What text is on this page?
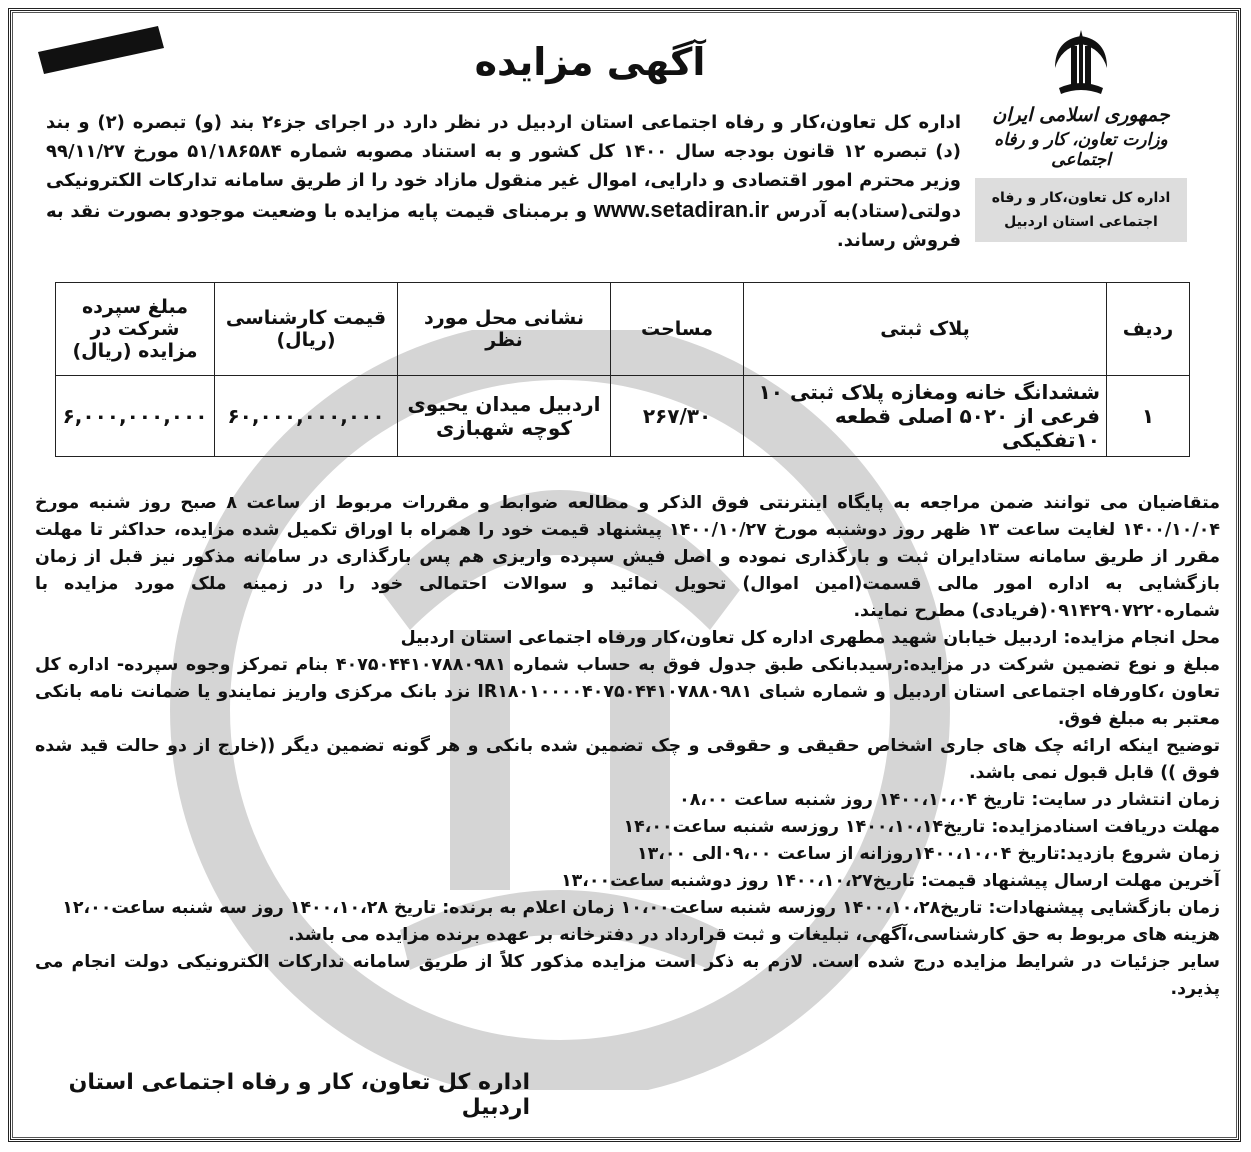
نوبت دوم
آگهی مزایده
جمهوری اسلامی ایران
وزارت تعاون، کار و رفاه اجتماعی
اداره کل تعاون،کار و رفاه
اجتماعی استان اردبیل
اداره کل تعاون،کار و رفاه اجتماعی استان اردبیل در نظر دارد در اجرای جزء۲ بند (و) تبصره (۲) و بند (د) تبصره ۱۲ قانون بودجه سال ۱۴۰۰ کل کشور و به استناد مصوبه شماره ۵۱/۱۸۶۵۸۴ مورخ ۹۹/۱۱/۲۷ وزیر محترم امور اقتصادی و دارایی، اموال غیر منقول مازاد خود را از طریق سامانه تدارکات الکترونیکی دولتی(ستاد)به آدرس www.setadiran.ir و برمبنای قیمت پایه مزایده با وضعیت موجودو بصورت نقد به فروش رساند.
ردیف	پلاک ثبتی	مساحت	نشانی محل مورد نظر	قیمت کارشناسی (ریال)	مبلغ سپرده شرکت در مزایده (ریال)
۱	ششدانگ خانه ومغازه پلاک ثبتی ۱۰ فرعی از ۵۰۲۰ اصلی قطعه ۱۰تفکیکی	۲۶۷/۳۰	اردبیل میدان یحیوی کوچه شهبازی	۶۰,۰۰۰,۰۰۰,۰۰۰	۶,۰۰۰,۰۰۰,۰۰۰

متقاضیان می توانند ضمن مراجعه به پایگاه اینترنتی فوق الذکر و مطالعه ضوابط و مقررات مربوط از ساعت ۸ صبح روز شنبه مورخ ۱۴۰۰/۱۰/۰۴ لغایت ساعت ۱۳ ظهر روز دوشنبه مورخ ۱۴۰۰/۱۰/۲۷ پیشنهاد قیمت خود را همراه با اوراق تکمیل شده مزایده، حداکثر تا مهلت مقرر از طریق سامانه ستادایران ثبت و بارگذاری نموده و اصل فیش سپرده واریزی هم پس بارگذاری در سامانه مذکور نیز قبل از زمان بازگشایی به اداره امور مالی قسمت(امین اموال) تحویل نمائید و سوالات احتمالی خود را در زمینه ملک مورد مزایده با شماره۰۹۱۴۲۹۰۷۲۲۰(فریادی) مطرح نمایند.

محل انجام مزایده: اردبیل خیابان شهید مطهری اداره کل تعاون،کار ورفاه اجتماعی استان اردبیل

مبلغ و نوع تضمین شرکت در مزایده:رسیدبانکی طبق جدول فوق به حساب شماره ۴۰۷۵۰۴۴۱۰۷۸۸۰۹۸۱ بنام تمرکز وجوه سپرده- اداره کل تعاون ،کاورفاه اجتماعی استان اردبیل و شماره شبای IR۱۸۰۱۰۰۰۰۴۰۷۵۰۴۴۱۰۷۸۸۰۹۸۱ نزد بانک مرکزی واریز نمایندو یا ضمانت نامه بانکی معتبر به مبلغ فوق.

توضیح اینکه ارائه چک های جاری اشخاص حقیقی و حقوقی و چک تضمین شده بانکی و هر گونه تضمین دیگر ((خارج از دو حالت قید شده فوق )) قابل قبول نمی باشد.

زمان انتشار در سایت: تاریخ ۱۴۰۰،۱۰،۰۴ روز شنبه ساعت ۰۸،۰۰

مهلت دریافت اسنادمزایده: تاریخ۱۴۰۰،۱۰،۱۴ روزسه شنبه ساعت۱۴،۰۰

زمان شروع بازدید:تاریخ ۱۴۰۰،۱۰،۰۴روزانه از ساعت ۰۹،۰۰الی ۱۳،۰۰

آخرین مهلت ارسال پیشنهاد قیمت: تاریخ۱۴۰۰،۱۰،۲۷ روز دوشنبه ساعت۱۳،۰۰

زمان بازگشایی پیشنهادات: تاریخ۱۴۰۰،۱۰،۲۸ روزسه شنبه ساعت۱۰،۰۰ زمان اعلام به برنده: تاریخ ۱۴۰۰،۱۰،۲۸ روز سه شنبه ساعت۱۲،۰۰

هزینه های مربوط به حق کارشناسی،آگهی، تبلیغات و ثبت قرارداد در دفترخانه بر عهده برنده مزایده می باشد.

سایر جزئیات در شرایط مزایده درج شده است. لازم به ذکر است مزایده مذکور کلاً از طریق سامانه تدارکات الکترونیکی دولت انجام می پذیرد.

اداره کل تعاون، کار و رفاه اجتماعی استان اردبیل
